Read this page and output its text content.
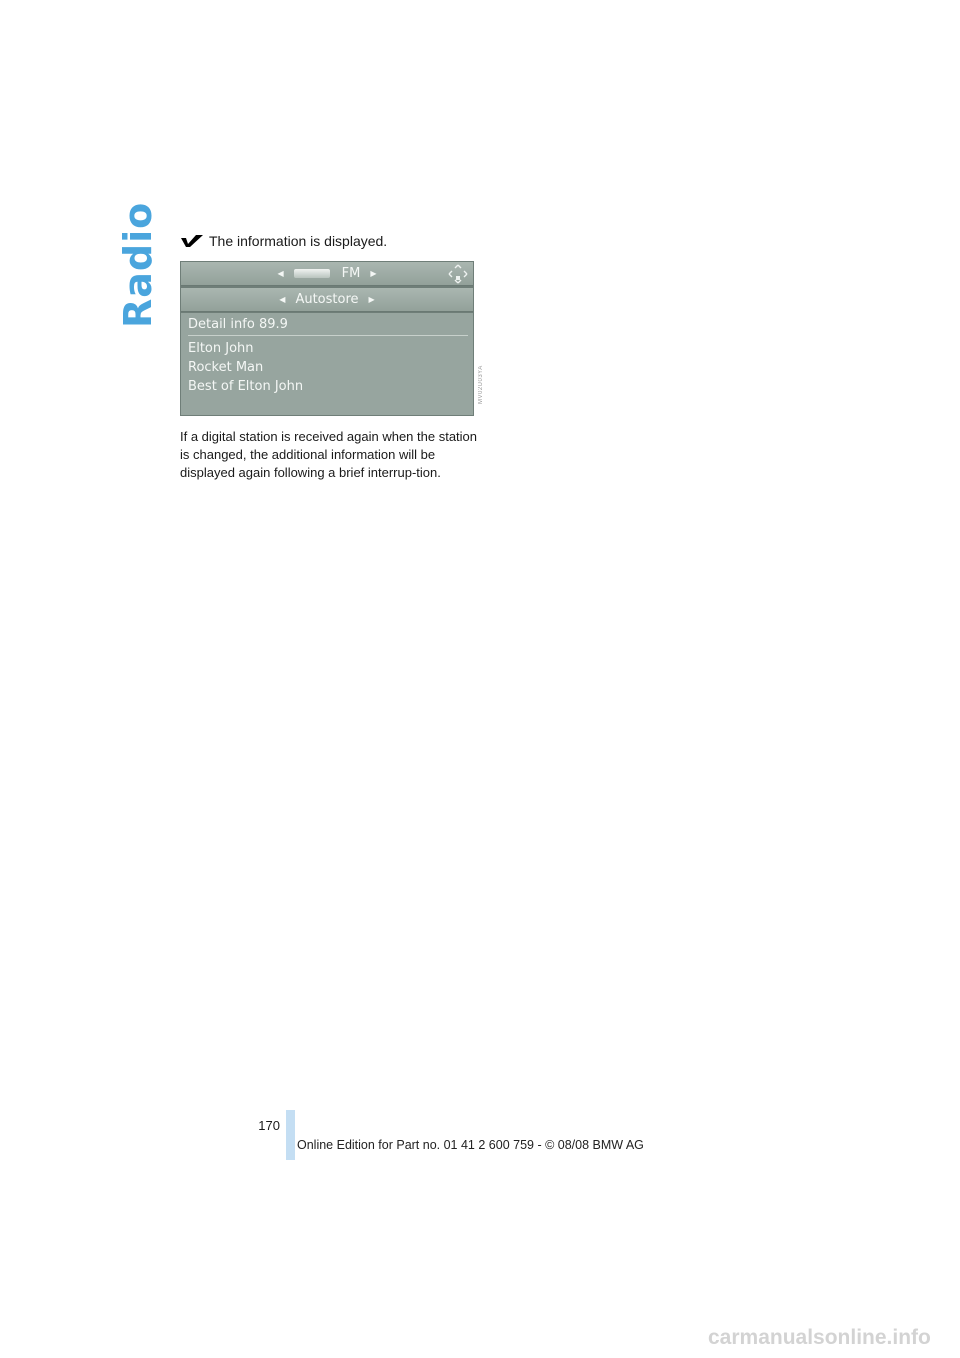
Radio	The information is displayed.
◀	FM ▶
◀ Autostore ▶
Detail info 89.9
Elton John
Rocket Man
Best of Elton John	MV02U03YA

If a digital station is received again when the station is changed, the additional information will be displayed again following a brief interrup-tion.

170
Online Edition for Part no. 01 41 2 600 759 - © 08/08 BMW AG
carmanualsonline.info
